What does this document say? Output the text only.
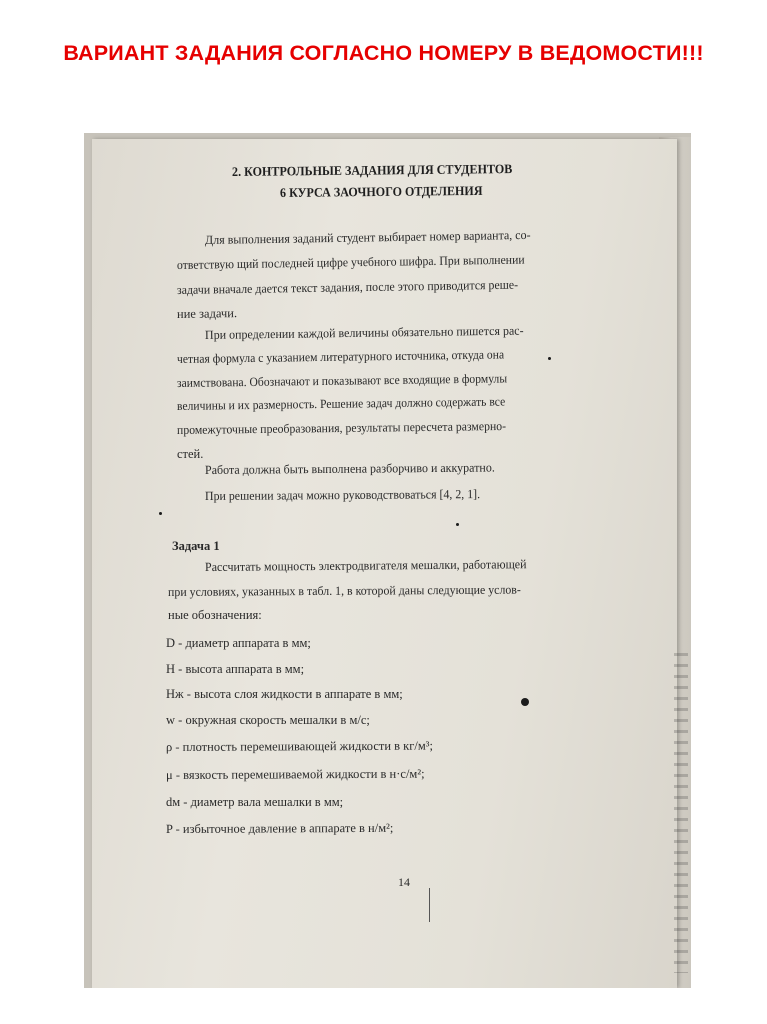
ВАРИАНТ ЗАДАНИЯ СОГЛАСНО НОМЕРУ В ВЕДОМОСТИ!!!
2. КОНТРОЛЬНЫЕ ЗАДАНИЯ ДЛЯ СТУДЕНТОВ
6 КУРСА ЗАОЧНОГО ОТДЕЛЕНИЯ
Для выполнения заданий студент выбирает номер варианта, со-
ответствую щий последней цифре учебного шифра. При выполнении
задачи вначале дается текст задания, после этого приводится реше-
ние задачи.
При определении каждой величины обязательно пишется рас-
четная формула с указанием литературного источника, откуда она
заимствована. Обозначают и показывают все входящие в формулы
величины и их размерность. Решение задач должно содержать все
промежуточные преобразования, результаты пересчета размерно-
стей.
Работа должна быть выполнена разборчиво и аккуратно.
При решении задач можно руководствоваться [4, 2, 1].
Задача 1
Рассчитать мощность электродвигателя мешалки, работающей
при условиях, указанных в табл. 1, в которой даны следующие услов-
ные обозначения:
D - диаметр аппарата в мм;
H - высота аппарата в мм;
Hж - высота слоя жидкости в аппарате в мм;
w - окружная скорость мешалки в м/с;
ρ - плотность перемешивающей жидкости в кг/м³;
μ - вязкость перемешиваемой жидкости в н·с/м²;
dм - диаметр вала мешалки в мм;
P - избыточное давление в аппарате в н/м²;
14
